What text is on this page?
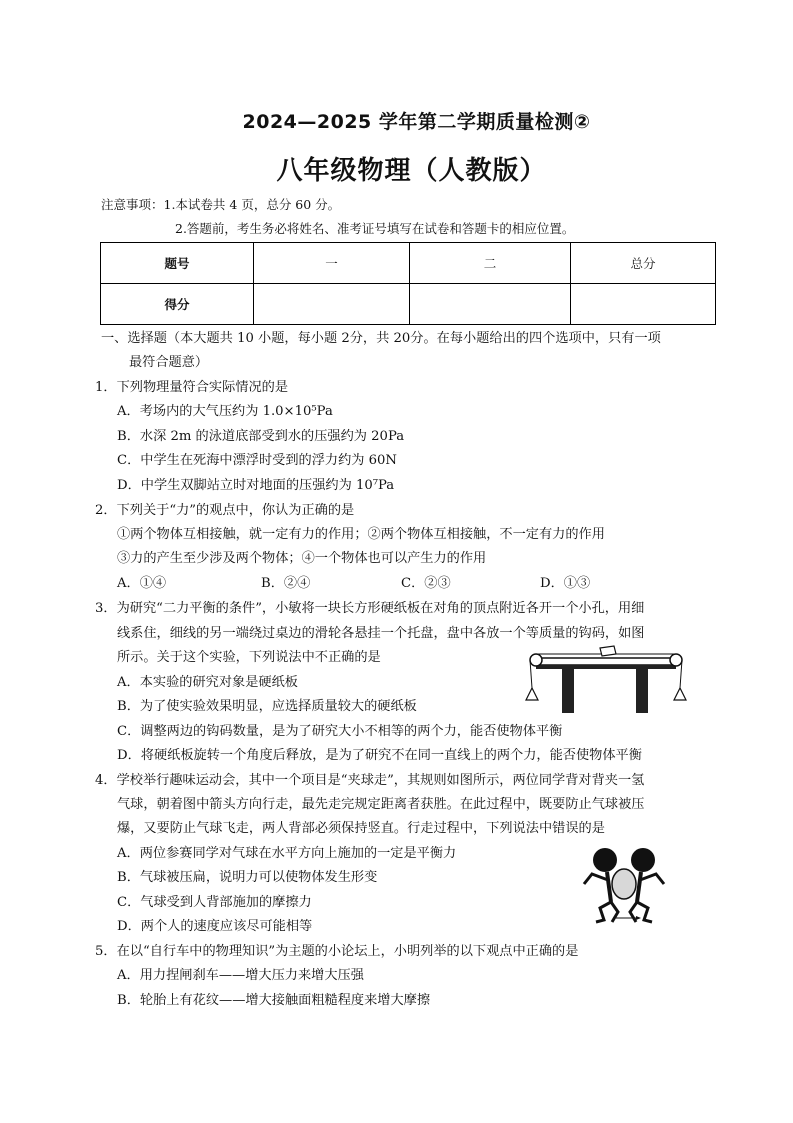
2024—2025 学年第二学期质量检测②
八年级物理（人教版）
注意事项：1.本试卷共 4 页，总分 60 分。
2.答题前，考生务必将姓名、准考证号填写在试卷和答题卡的相应位置。
题号	一	二	总分
得分			
一、选择题（本大题共 10 小题，每小题 2分，共 20分。在每小题给出的四个选项中，只有一项
最符合题意）
1．下列物理量符合实际情况的是
A．考场内的大气压约为 1.0×10⁵Pa
B．水深 2m 的泳道底部受到水的压强约为 20Pa
C．中学生在死海中漂浮时受到的浮力约为 60N
D．中学生双脚站立时对地面的压强约为 10⁷Pa
2．下列关于“力”的观点中，你认为正确的是
①两个物体互相接触，就一定有力的作用；②两个物体互相接触，不一定有力的作用
③力的产生至少涉及两个物体；④一个物体也可以产生力的作用
A．①④	B．②④	C．②③	D．①③
3．为研究“二力平衡的条件”，小敏将一块长方形硬纸板在对角的顶点附近各开一个小孔，用细
线系住，细线的另一端绕过桌边的滑轮各悬挂一个托盘，盘中各放一个等质量的钩码，如图
所示。关于这个实验，下列说法中不正确的是
A．本实验的研究对象是硬纸板
B．为了使实验效果明显，应选择质量较大的硬纸板
C．调整两边的钩码数量，是为了研究大小不相等的两个力，能否使物体平衡
D．将硬纸板旋转一个角度后释放，是为了研究不在同一直线上的两个力，能否使物体平衡
4．学校举行趣味运动会，其中一个项目是“夹球走”，其规则如图所示，两位同学背对背夹一氢
气球，朝着图中箭头方向行走，最先走完规定距离者获胜。在此过程中，既要防止气球被压
爆，又要防止气球飞走，两人背部必须保持竖直。行走过程中，下列说法中错误的是
A．两位参赛同学对气球在水平方向上施加的一定是平衡力
B．气球被压扁，说明力可以使物体发生形变
C．气球受到人背部施加的摩擦力
D．两个人的速度应该尽可能相等
5．在以“自行车中的物理知识”为主题的小论坛上，小明列举的以下观点中正确的是
A．用力捏闸刹车——增大压力来增大压强
B．轮胎上有花纹——增大接触面粗糙程度来增大摩擦
